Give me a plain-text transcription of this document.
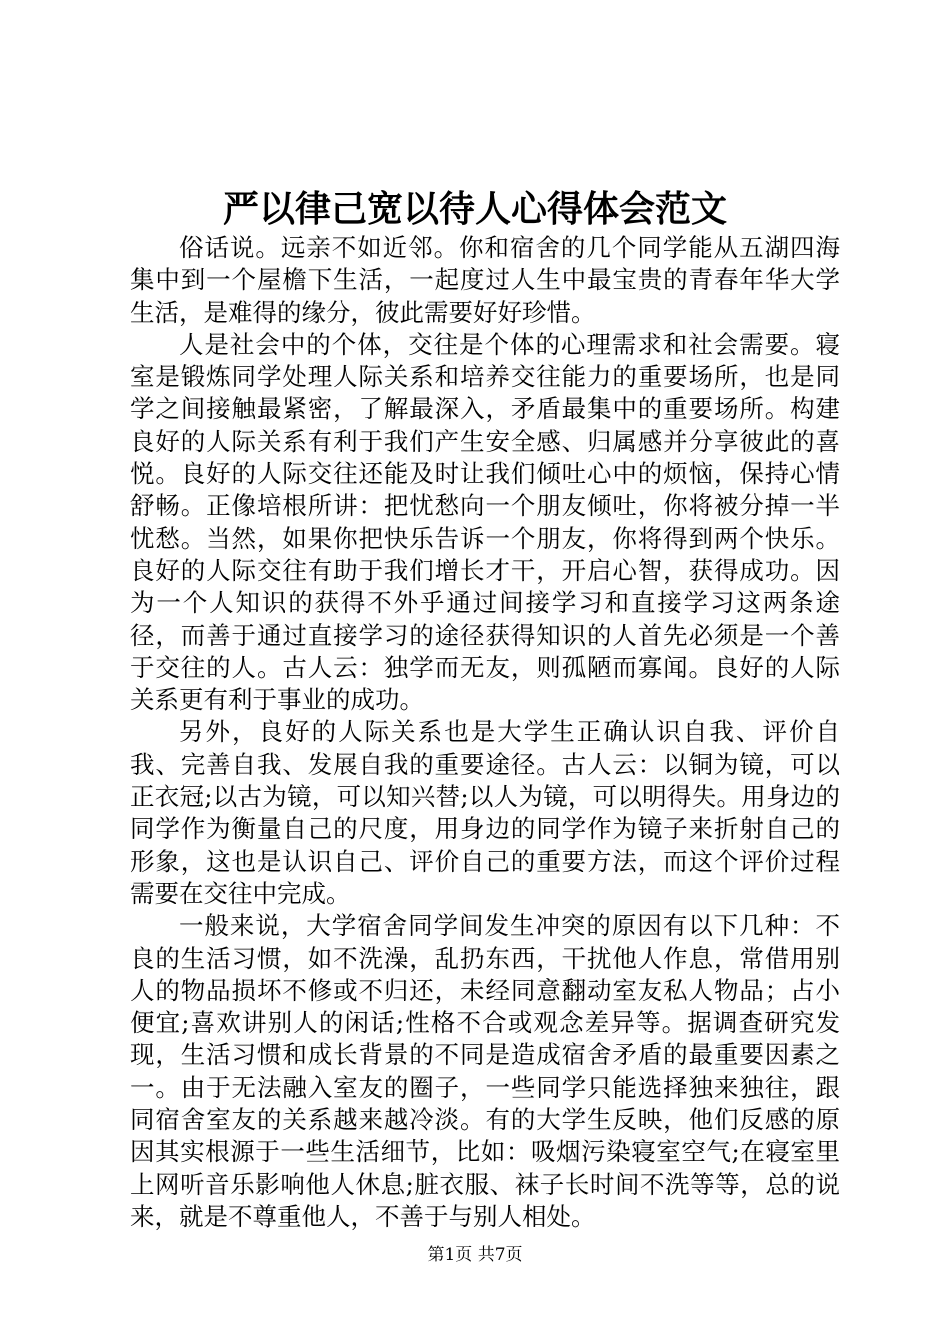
严以律己宽以待人心得体会范文

俗话说。远亲不如近邻。你和宿舍的几个同学能从五湖四海集中到一个屋檐下生活，一起度过人生中最宝贵的青春年华大学生活，是难得的缘分，彼此需要好好珍惜。

人是社会中的个体，交往是个体的心理需求和社会需要。寝室是锻炼同学处理人际关系和培养交往能力的重要场所，也是同学之间接触最紧密，了解最深入，矛盾最集中的重要场所。构建良好的人际关系有利于我们产生安全感、归属感并分享彼此的喜悦。良好的人际交往还能及时让我们倾吐心中的烦恼，保持心情舒畅。正像培根所讲：把忧愁向一个朋友倾吐，你将被分掉一半忧愁。当然，如果你把快乐告诉一个朋友，你将得到两个快乐。良好的人际交往有助于我们增长才干，开启心智，获得成功。因为一个人知识的获得不外乎通过间接学习和直接学习这两条途径，而善于通过直接学习的途径获得知识的人首先必须是一个善于交往的人。古人云：独学而无友，则孤陋而寡闻。良好的人际关系更有利于事业的成功。

另外，良好的人际关系也是大学生正确认识自我、评价自我、完善自我、发展自我的重要途径。古人云：以铜为镜，可以正衣冠;以古为镜，可以知兴替;以人为镜，可以明得失。用身边的同学作为衡量自己的尺度，用身边的同学作为镜子来折射自己的形象，这也是认识自己、评价自己的重要方法，而这个评价过程需要在交往中完成。

一般来说，大学宿舍同学间发生冲突的原因有以下几种：不良的生活习惯，如不洗澡，乱扔东西，干扰他人作息，常借用别人的物品损坏不修或不归还，未经同意翻动室友私人物品；占小便宜;喜欢讲别人的闲话;性格不合或观念差异等。据调查研究发现，生活习惯和成长背景的不同是造成宿舍矛盾的最重要因素之一。由于无法融入室友的圈子，一些同学只能选择独来独往，跟同宿舍室友的关系越来越冷淡。有的大学生反映，他们反感的原因其实根源于一些生活细节，比如：吸烟污染寝室空气;在寝室里上网听音乐影响他人休息;脏衣服、袜子长时间不洗等等，总的说来，就是不尊重他人，不善于与别人相处。

第1页 共7页
